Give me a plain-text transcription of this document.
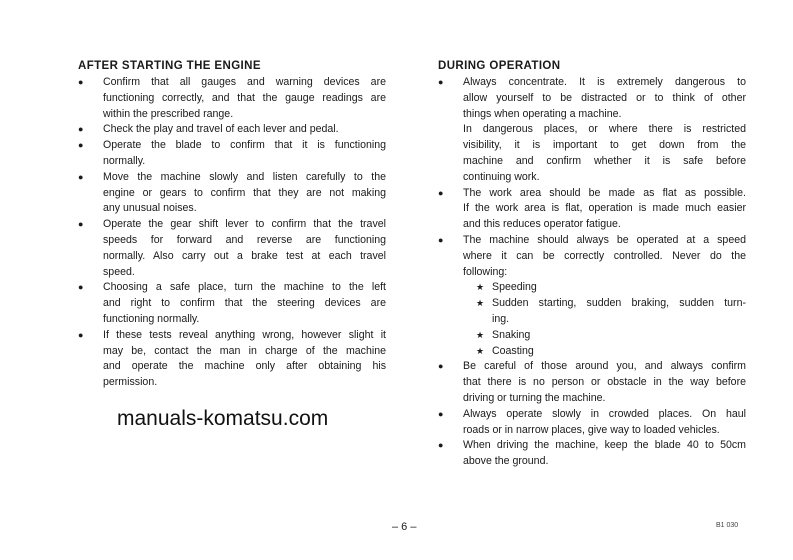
AFTER STARTING THE ENGINE
● Confirm that all gauges and warning devices are
functioning correctly, and that the gauge readings are
within the prescribed range.
● Check the play and travel of each lever and pedal.
● Operate the blade to confirm that it is functioning
normally.
● Move the machine slowly and listen carefully to the
engine or gears to confirm that they are not making
any unusual noises.
● Operate the gear shift lever to confirm that the travel
speeds for forward and reverse are functioning
normally. Also carry out a brake test at each travel
speed.
● Choosing a safe place, turn the machine to the left
and right to confirm that the steering devices are
functioning normally.
● If these tests reveal anything wrong, however slight it
may be, contact the man in charge of the machine
and operate the machine only after obtaining his
permission.
DURING OPERATION
● Always concentrate. It is extremely dangerous to
allow yourself to be distracted or to think of other
things when operating a machine.
In dangerous places, or where there is restricted
visibility, it is important to get down from the
machine and confirm whether it is safe before
continuing work.
● The work area should be made as flat as possible.
If the work area is flat, operation is made much easier
and this reduces operator fatigue.
● The machine should always be operated at a speed
where it can be correctly controlled. Never do the
following:
★ Speeding
★ Sudden starting, sudden braking, sudden turn-
ing.
★ Snaking
★ Coasting
● Be careful of those around you, and always confirm
that there is no person or obstacle in the way before
driving or turning the machine.
● Always operate slowly in crowded places. On haul
roads or in narrow places, give way to loaded vehicles.
● When driving the machine, keep the blade 40 to 50cm
above the ground.
manuals-komatsu.com
– 6 –	B1 030
